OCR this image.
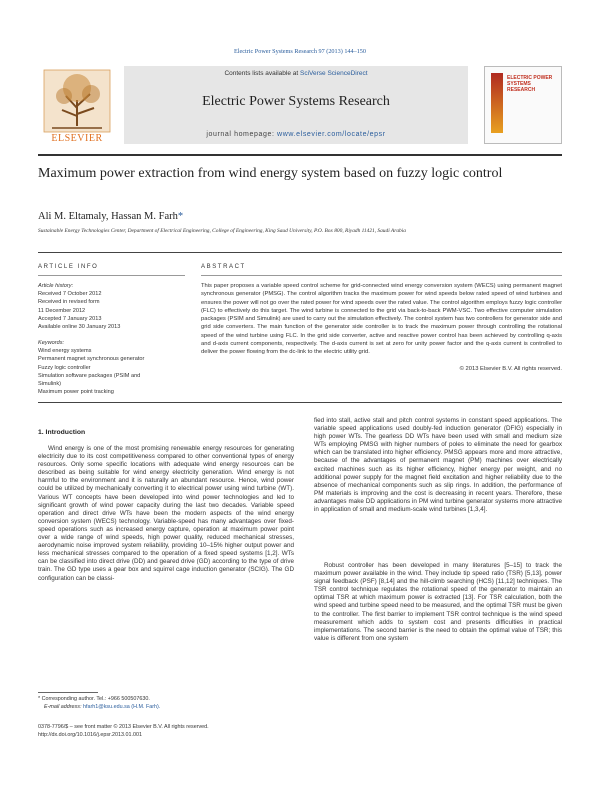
Electric Power Systems Research 97 (2013) 144–150
ELSEVIER
Contents lists available at SciVerse ScienceDirect
Electric Power Systems Research
journal homepage: www.elsevier.com/locate/epsr
ELECTRIC POWER SYSTEMS RESEARCH
Maximum power extraction from wind energy system based on fuzzy logic control
Ali M. Eltamaly, Hassan M. Farh*
Sustainable Energy Technologies Center, Department of Electrical Engineering, College of Engineering, King Saud University, P.O. Box 800, Riyadh 11421, Saudi Arabia
ARTICLE INFO	ABSTRACT
Article history:
Received 7 October 2012
Received in revised form
11 December 2012
Accepted 7 January 2013
Available online 30 January 2013
Keywords:
Wind energy systems
Permanent magnet synchronous generator
Fuzzy logic controller
Simulation software packages (PSIM and
Simulink)
Maximum power point tracking
This paper proposes a variable speed control scheme for grid-connected wind energy conversion system (WECS) using permanent magnet synchronous generator (PMSG). The control algorithm tracks the maximum power for wind speeds below rated speed of wind turbines and ensures the power will not go over the rated power for wind speeds over the rated value. The control algorithm employs fuzzy logic controller (FLC) to effectively do this target. The wind turbine is connected to the grid via back-to-back PWM-VSC. Two effective computer simulation packages (PSIM and Simulink) are used to carry out the simulation effectively. The control system has two controllers for generator side and grid side converters. The main function of the generator side controller is to track the maximum power through controlling the rotational speed of the wind turbine using FLC. In the grid side converter, active and reactive power control has been achieved by controlling q-axis and d-axis current components, respectively. The d-axis current is set at zero for unity power factor and the q-axis current is controlled to deliver the power flowing from the dc-link to the electric utility grid.
© 2013 Elsevier B.V. All rights reserved.
1. Introduction
Wind energy is one of the most promising renewable energy resources for generating electricity due to its cost competitiveness compared to other conventional types of energy resources. Only some specific locations with adequate wind energy resources can be described as being suitable for wind energy electricity generation. Wind energy is not harmful to the environment and it is naturally an abundant resource. Hence, wind power could be utilized by mechanically converting it to electrical power using wind turbine (WT). Various WT concepts have been developed into wind power technologies and led to significant growth of wind power capacity during the last two decades. Variable speed operation and direct drive WTs have been the modern aspects of the wind energy conversion system (WECS) technology. Variable-speed has many advantages over fixed-speed operations such as increased energy capture, operation at maximum power point over a wide range of wind speeds, high power quality, reduced mechanical stresses, aerodynamic noise improved system reliability, providing 10–15% higher output power and less mechanical stresses compared to the operation of a fixed speed systems [1,2]. WTs can be classified into direct drive (DD) and geared drive (GD) according to the type of drive train. The GD type uses a gear box and squirrel cage induction generator (SCIG). The GD configuration can be classi-
fied into stall, active stall and pitch control systems in constant speed applications. The variable speed applications used doubly-fed induction generator (DFIG) especially in high power WTs. The gearless DD WTs have been used with small and medium size WTs employing PMSG with higher numbers of poles to eliminate the need for gearbox which can be translated into higher efficiency. PMSG appears more and more attractive, because of the advantages of permanent magnet (PM) machines over electrically excited machines such as its higher efficiency, higher energy per weight, and no additional power supply for the magnet field excitation and higher reliability due to the absence of mechanical components such as slip rings. In addition, the performance of PM materials is improving and the cost is decreasing in recent years. Therefore, these advantages make DD applications in PM wind turbine generator systems more attractive in application of small and medium-scale wind turbines [1,3,4].
Robust controller has been developed in many literatures [5–15] to track the maximum power available in the wind. They include tip speed ratio (TSR) [5,13], power signal feedback (PSF) [8,14] and the hill-climb searching (HCS) [11,12] techniques. The TSR control technique regulates the rotational speed of the generator to maintain an optimal TSR at which maximum power is extracted [13]. For TSR calculation, both the wind speed and turbine speed need to be measured, and the optimal TSR must be given to the controller. The first barrier to implement TSR control technique is the wind speed measurement which adds to system cost and presents difficulties in practical implementations. The second barrier is the need to obtain the optimal value of TSR; this value is different from one system
* Corresponding author. Tel.: +966 500507630.
E-mail address: hfarh1@ksu.edu.sa (H.M. Farh).
0378-7796/$ – see front matter © 2013 Elsevier B.V. All rights reserved.
http://dx.doi.org/10.1016/j.epsr.2013.01.001
